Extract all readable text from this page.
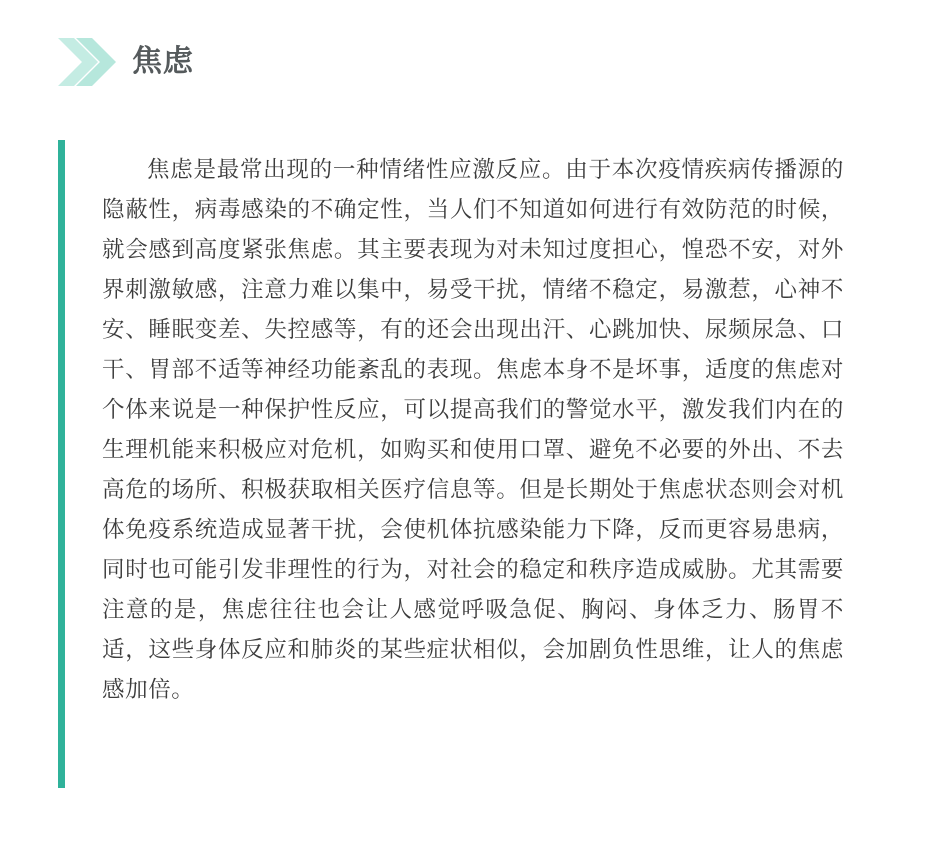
焦虑

焦虑是最常出现的一种情绪性应激反应。由于本次疫情疾病传播源的隐蔽性，病毒感染的不确定性，当人们不知道如何进行有效防范的时候，就会感到高度紧张焦虑。其主要表现为对未知过度担心，惶恐不安，对外界刺激敏感，注意力难以集中，易受干扰，情绪不稳定，易激惹，心神不安、睡眠变差、失控感等，有的还会出现出汗、心跳加快、尿频尿急、口干、胃部不适等神经功能紊乱的表现。焦虑本身不是坏事，适度的焦虑对个体来说是一种保护性反应，可以提高我们的警觉水平，激发我们内在的生理机能来积极应对危机，如购买和使用口罩、避免不必要的外出、不去高危的场所、积极获取相关医疗信息等。但是长期处于焦虑状态则会对机体免疫系统造成显著干扰，会使机体抗感染能力下降，反而更容易患病，同时也可能引发非理性的行为，对社会的稳定和秩序造成威胁。尤其需要注意的是，焦虑往往也会让人感觉呼吸急促、胸闷、身体乏力、肠胃不适，这些身体反应和肺炎的某些症状相似，会加剧负性思维，让人的焦虑感加倍。
